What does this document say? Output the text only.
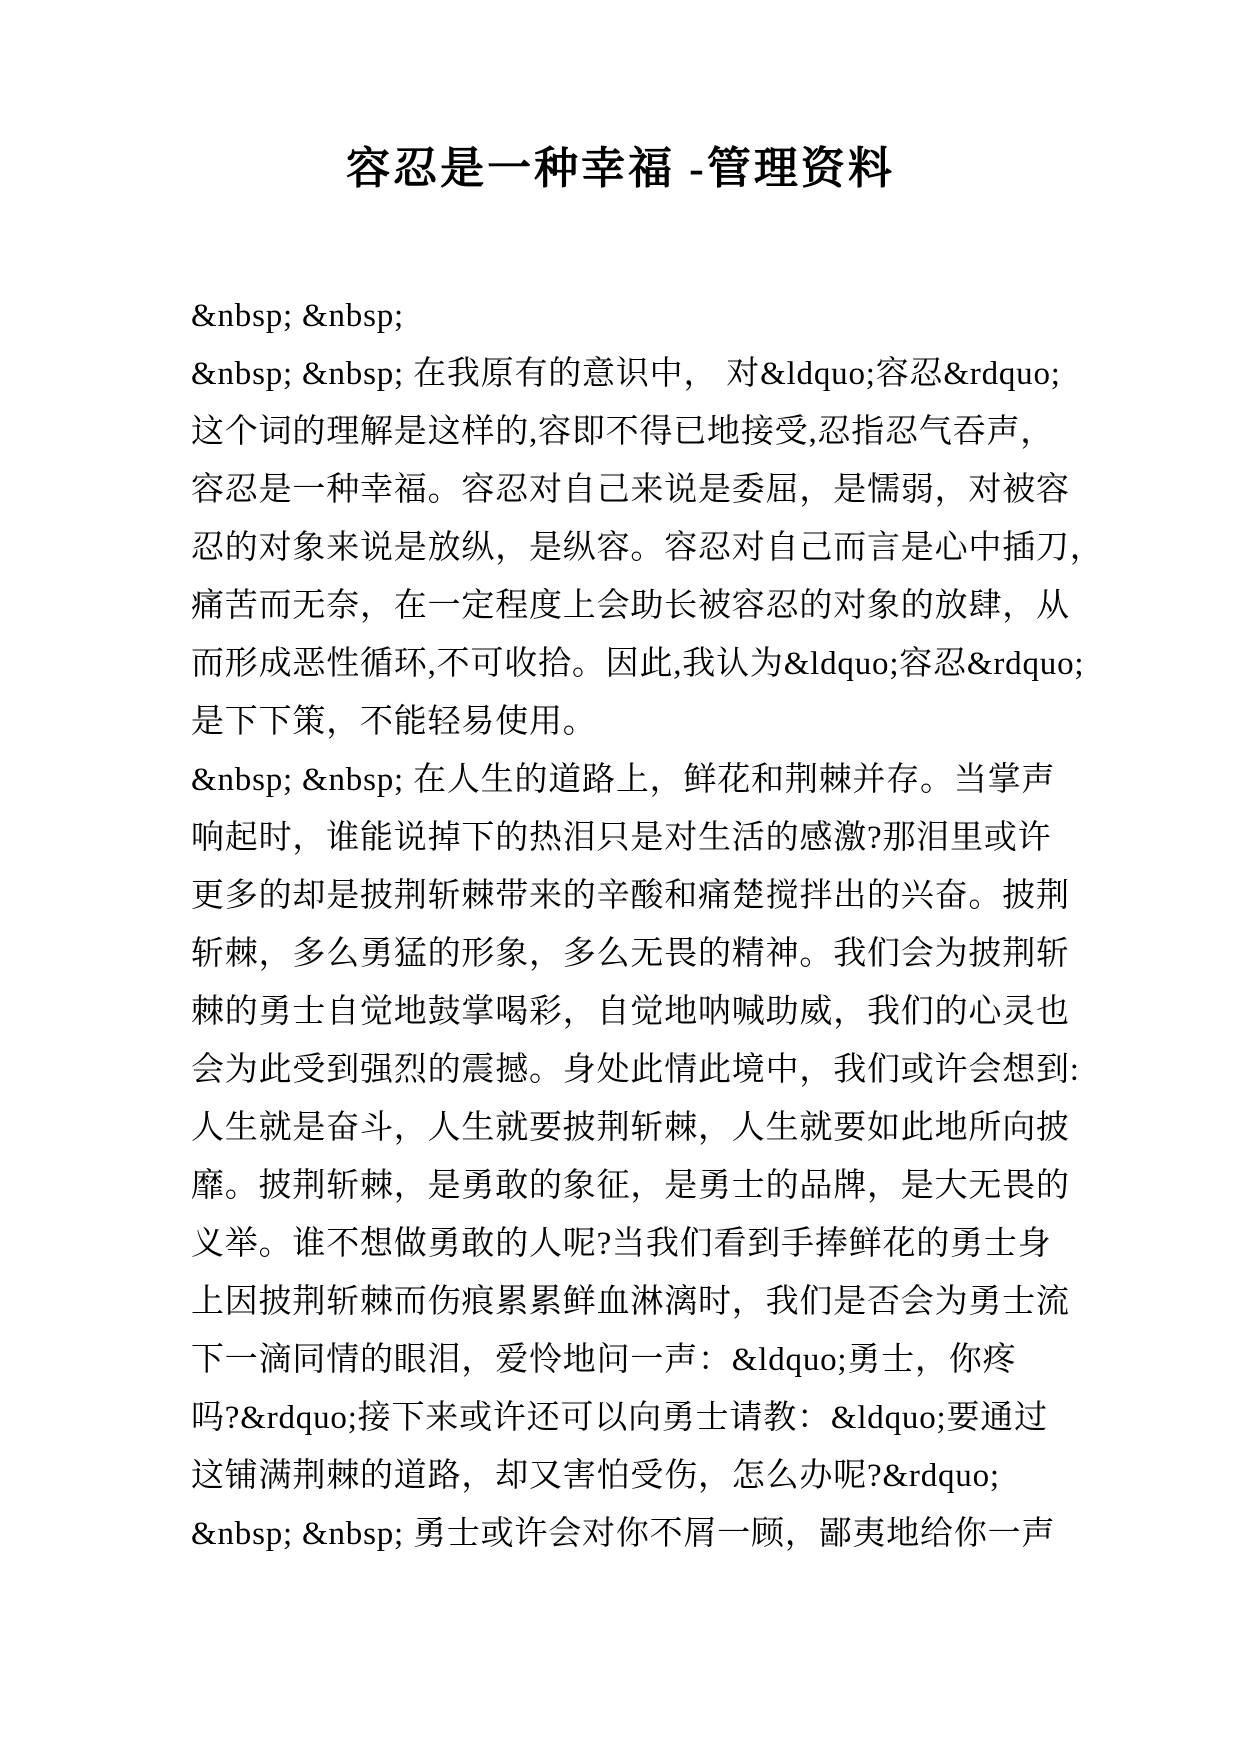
容忍是一种幸福 -管理资料
&nbsp; &nbsp;
&nbsp; &nbsp; 在我原有的意识中， 对&ldquo;容忍&rdquo;
这个词的理解是这样的,容即不得已地接受,忍指忍气吞声，
容忍是一种幸福。容忍对自己来说是委屈，是懦弱，对被容
忍的对象来说是放纵，是纵容。容忍对自己而言是心中插刀，
痛苦而无奈，在一定程度上会助长被容忍的对象的放肆，从
而形成恶性循环,不可收拾。因此,我认为&ldquo;容忍&rdquo;
是下下策，不能轻易使用。
&nbsp; &nbsp; 在人生的道路上，鲜花和荆棘并存。当掌声
响起时，谁能说掉下的热泪只是对生活的感激?那泪里或许
更多的却是披荆斩棘带来的辛酸和痛楚搅拌出的兴奋。披荆
斩棘，多么勇猛的形象，多么无畏的精神。我们会为披荆斩
棘的勇士自觉地鼓掌喝彩，自觉地呐喊助威，我们的心灵也
会为此受到强烈的震撼。身处此情此境中，我们或许会想到:
人生就是奋斗，人生就要披荆斩棘，人生就要如此地所向披
靡。披荆斩棘，是勇敢的象征，是勇士的品牌，是大无畏的
义举。谁不想做勇敢的人呢?当我们看到手捧鲜花的勇士身
上因披荆斩棘而伤痕累累鲜血淋漓时，我们是否会为勇士流
下一滴同情的眼泪，爱怜地问一声：&ldquo;勇士，你疼
吗?&rdquo;接下来或许还可以向勇士请教：&ldquo;要通过
这铺满荆棘的道路，却又害怕受伤，怎么办呢?&rdquo;
&nbsp; &nbsp; 勇士或许会对你不屑一顾，鄙夷地给你一声
